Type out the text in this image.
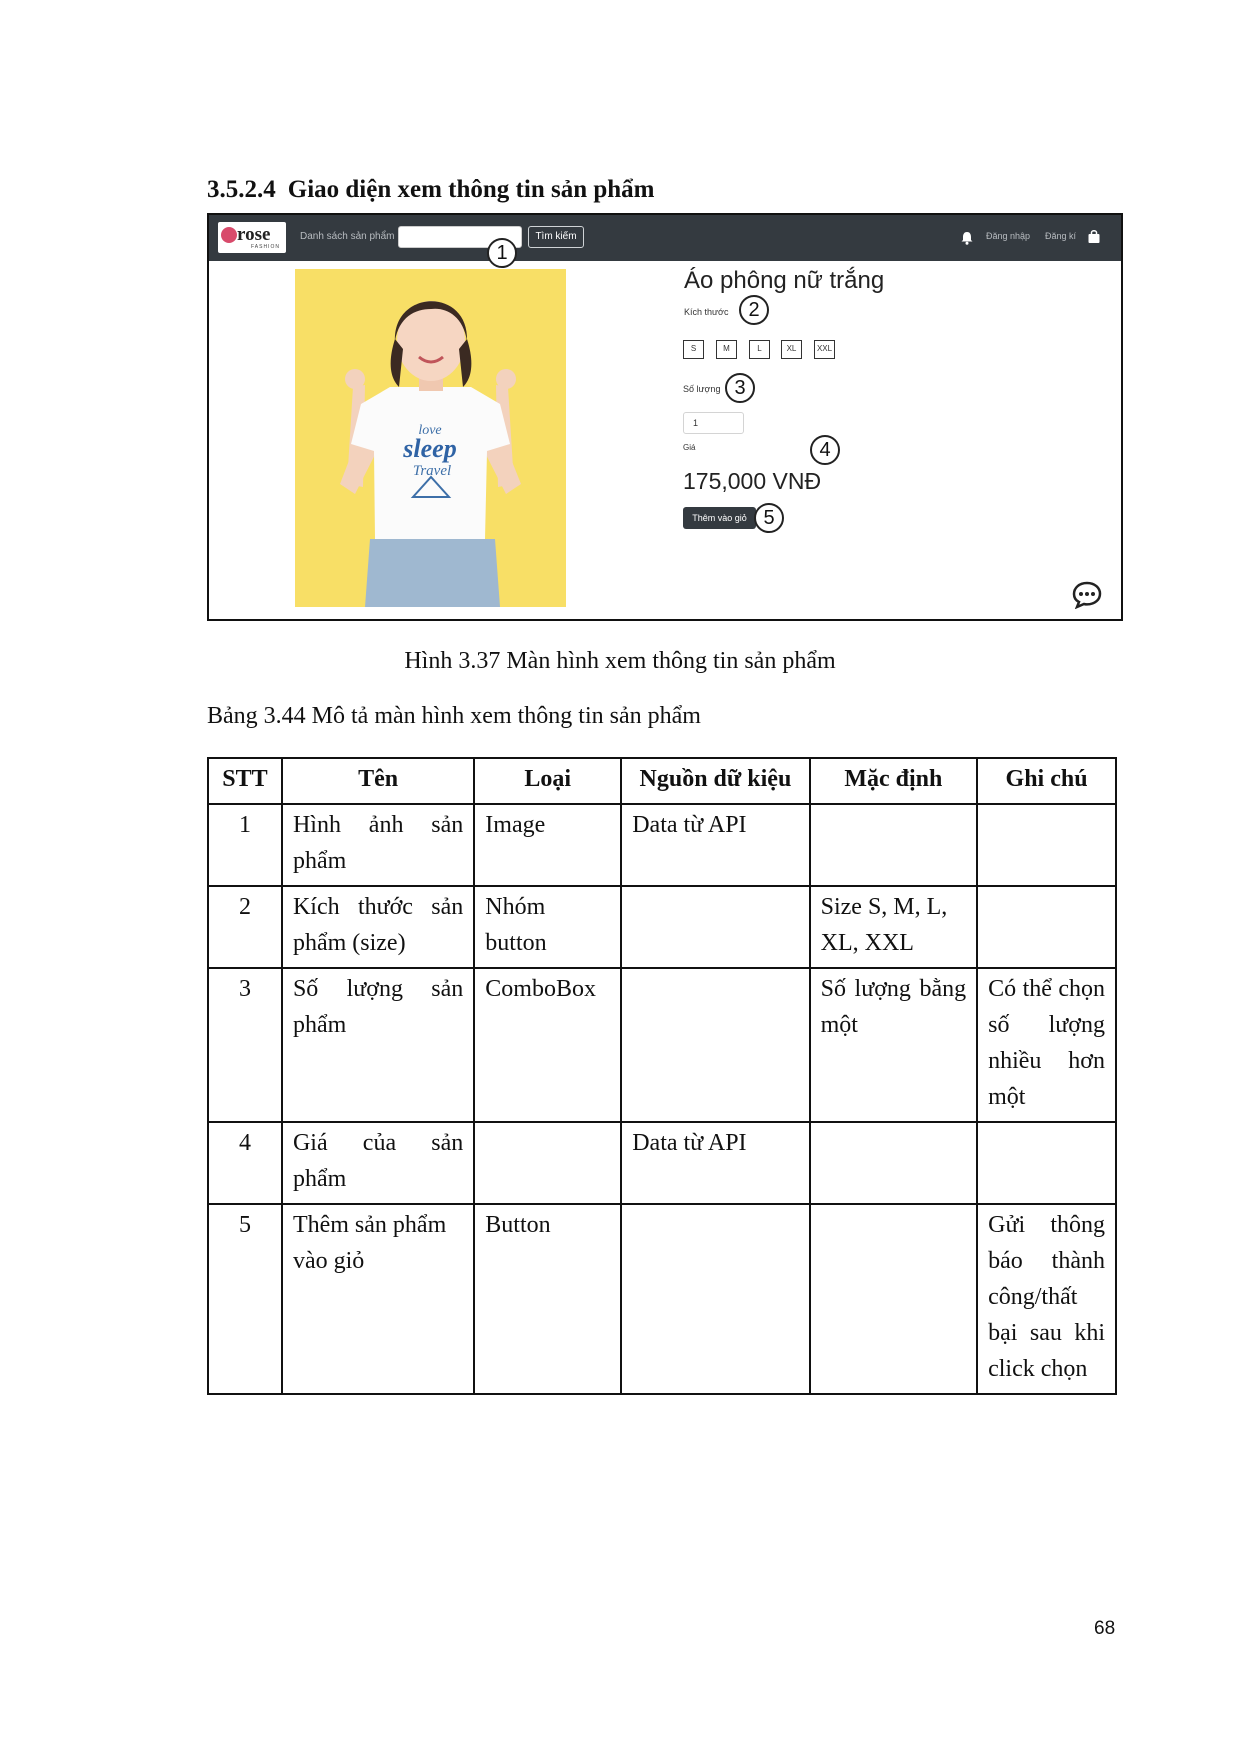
3.5.2.4 Giao diện xem thông tin sản phẩm
rose
FASHION
Danh sách sản phẩm	Tìm kiếm	Đăng nhập Đăng kí
love
sleep
Travel
1
Áo phông nữ trắng
Kích thước 2
S	M	L	XL	XXL
Số lượng 3
1
Giá	4
175,000 VNĐ
Thêm vào giỏ 5
Hình 3.37 Màn hình xem thông tin sản phẩm
Bảng 3.44 Mô tả màn hình xem thông tin sản phẩm
STT	Tên	Loại	Nguồn dữ kiệu	Mặc định	Ghi chú
1	Hình ảnh sản phẩm	Image	Data từ API		
2	Kích thước sản phẩm (size)	Nhóm button		Size S, M, L, XL, XXL	
3	Số lượng sản phẩm	ComboBox		Số lượng bằng một	Có thể chọn số lượng nhiều hơn một
4	Giá của sản phẩm		Data từ API		
5	Thêm sản phẩm vào giỏ	Button			Gửi thông báo thành công/thất bại sau khi click chọn
68
